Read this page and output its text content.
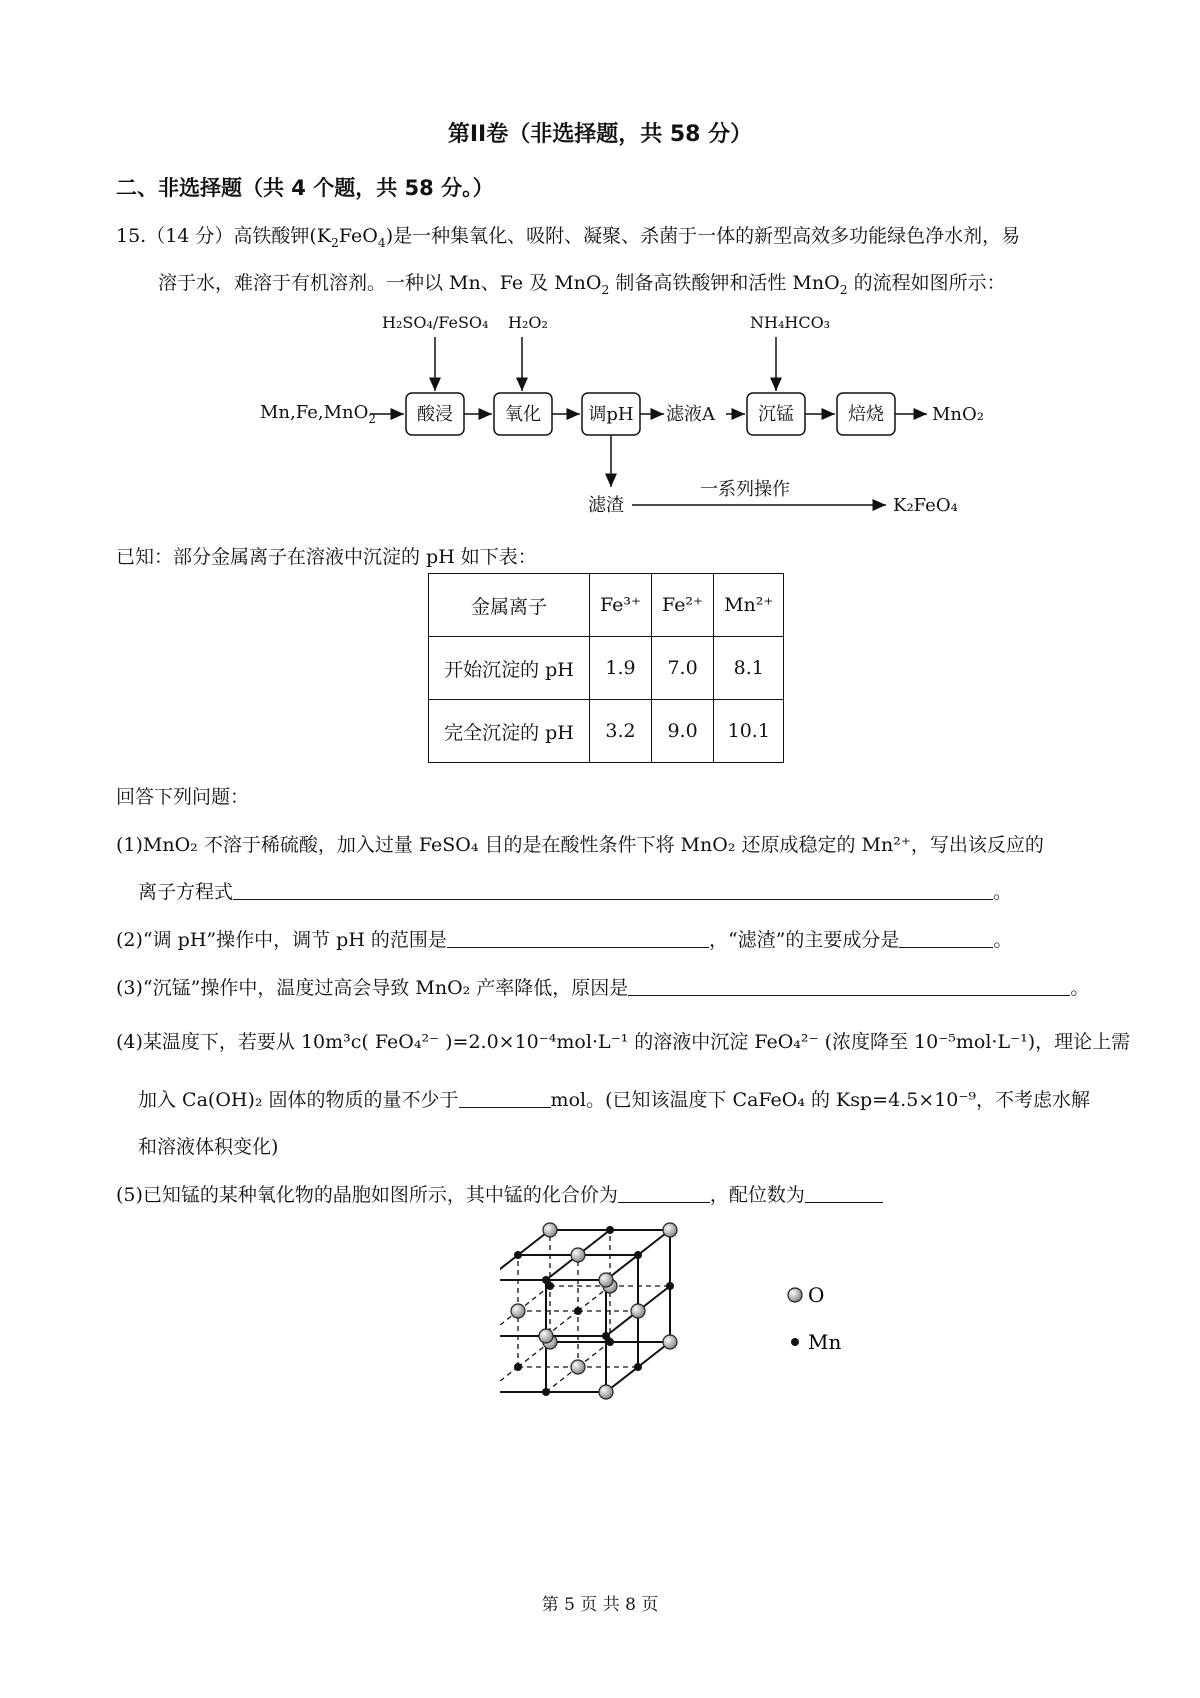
第II卷（非选择题，共 58 分）
二、非选择题（共 4 个题，共 58 分。）
15.（14 分）高铁酸钾$(K_2FeO_4)$是一种集氧化、吸附、凝聚、杀菌于一体的新型高效多功能绿色净水剂，易
溶于水，难溶于有机溶剂。一种以 Mn、Fe 及 MnO$_2$ 制备高铁酸钾和活性 MnO$_2$ 的流程如图所示：
Mn,Fe,MnO$_2$
H₂SO₄/FeSO₄ H₂O₂	NH₄HCO₃
酸浸	氧化	调pH 滤液A 沉锰	焙烧	MnO₂
滤渣
一系列操作
K₂FeO₄
已知：部分金属离子在溶液中沉淀的 pH 如下表：
金属离子	Fe³⁺	Fe²⁺	Mn²⁺
开始沉淀的 pH	1.9	7.0	8.1
完全沉淀的 pH	3.2	9.0	10.1
回答下列问题：
(1)MnO₂ 不溶于稀硫酸，加入过量 FeSO₄ 目的是在酸性条件下将 MnO₂ 还原成稳定的 Mn²⁺，写出该反应的
离子方程式	。
(2)“调 pH”操作中，调节 pH 的范围是	，“滤渣”的主要成分是	。
(3)“沉锰”操作中，温度过高会导致 MnO₂ 产率降低，原因是	。
(4)某温度下，若要从 10m³c( FeO₄²⁻ )=2.0×10⁻⁴mol·L⁻¹ 的溶液中沉淀 FeO₄²⁻ (浓度降至 10⁻⁵mol·L⁻¹)，理论上需
加入 Ca(OH)₂ 固体的物质的量不少于	mol。(已知该温度下 CaFeO₄ 的 Ksp=4.5×10⁻⁹，不考虑水解
和溶液体积变化)
(5)已知锰的某种氧化物的晶胞如图所示，其中锰的化合价为	，配位数为
O
Mn
第 5 页 共 8 页
